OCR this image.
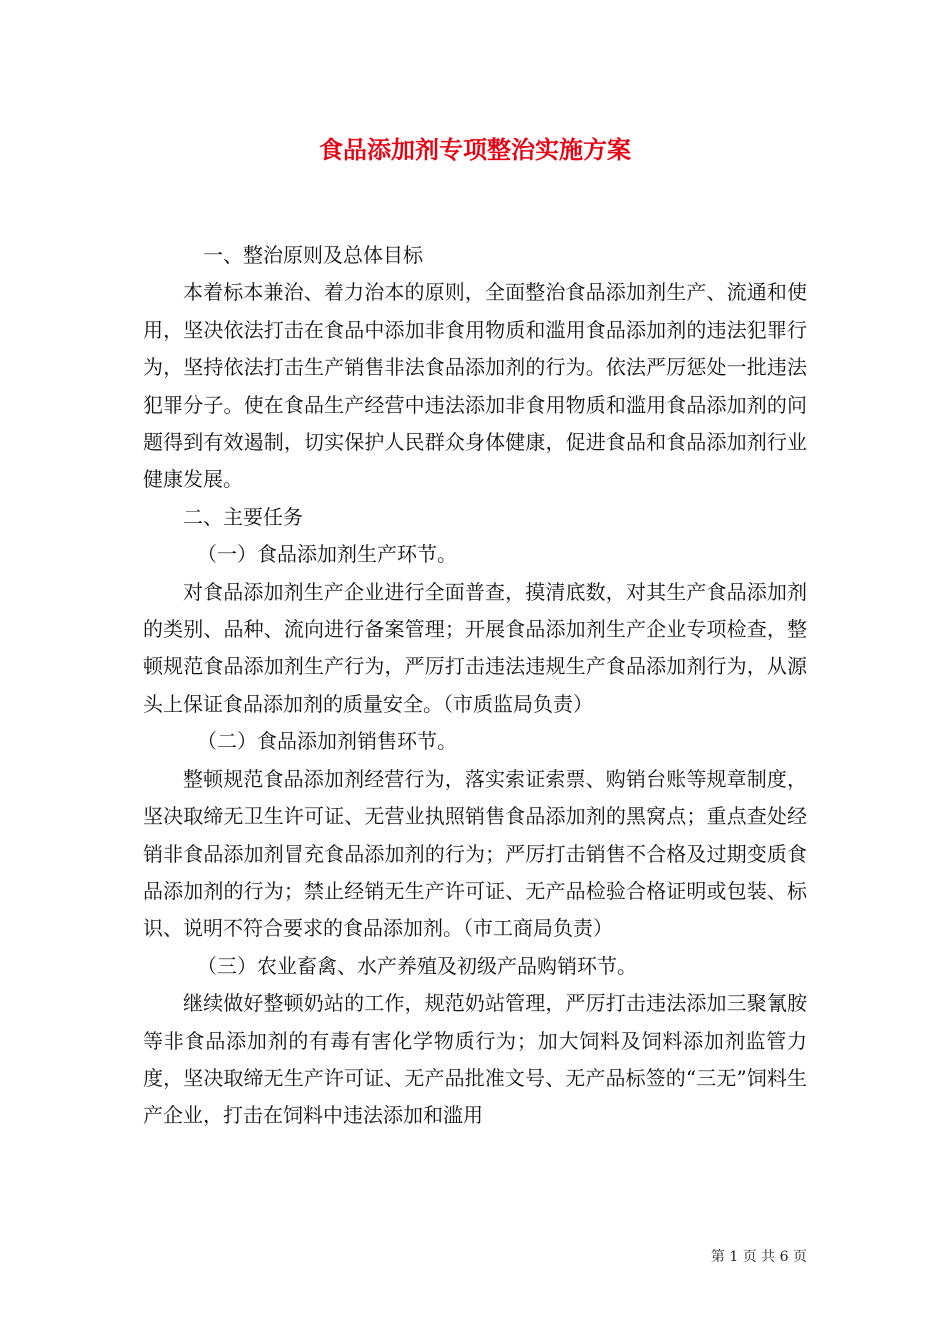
食品添加剂专项整治实施方案

一、整治原则及总体目标

本着标本兼治、着力治本的原则，全面整治食品添加剂生产、流通和使用，坚决依法打击在食品中添加非食用物质和滥用食品添加剂的违法犯罪行为，坚持依法打击生产销售非法食品添加剂的行为。依法严厉惩处一批违法犯罪分子。使在食品生产经营中违法添加非食用物质和滥用食品添加剂的问题得到有效遏制，切实保护人民群众身体健康，促进食品和食品添加剂行业健康发展。

二、主要任务

（一）食品添加剂生产环节。

对食品添加剂生产企业进行全面普查，摸清底数，对其生产食品添加剂的类别、品种、流向进行备案管理；开展食品添加剂生产企业专项检查，整顿规范食品添加剂生产行为，严厉打击违法违规生产食品添加剂行为，从源头上保证食品添加剂的质量安全。（市质监局负责）

（二）食品添加剂销售环节。

整顿规范食品添加剂经营行为，落实索证索票、购销台账等规章制度，坚决取缔无卫生许可证、无营业执照销售食品添加剂的黑窝点；重点查处经销非食品添加剂冒充食品添加剂的行为；严厉打击销售不合格及过期变质食品添加剂的行为；禁止经销无生产许可证、无产品检验合格证明或包装、标识、说明不符合要求的食品添加剂。（市工商局负责）

（三）农业畜禽、水产养殖及初级产品购销环节。

继续做好整顿奶站的工作，规范奶站管理，严厉打击违法添加三聚氰胺等非食品添加剂的有毒有害化学物质行为；加大饲料及饲料添加剂监管力度，坚决取缔无生产许可证、无产品批准文号、无产品标签的“三无”饲料生产企业，打击在饲料中违法添加和滥用

第 1 页 共 6 页
